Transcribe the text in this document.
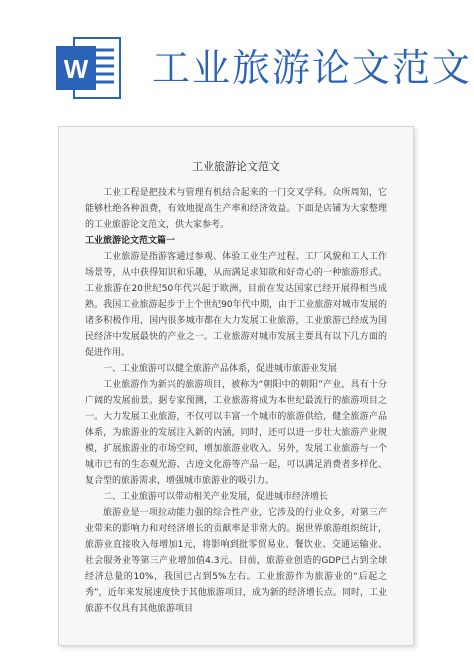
W 工业旅游论文范文
工业旅游论文范文

工业工程是把技术与管理有机结合起来的一门交叉学科。众所周知，它能够杜绝各种浪费，有效地提高生产率和经济效益。下面是店铺为大家整理的工业旅游论文范文，供大家参考。

工业旅游论文范文篇一

工业旅游是指游客通过参观、体验工业生产过程、工厂风貌和工人工作场景等，从中获得知识和乐趣，从而满足求知欲和好奇心的一种旅游形式。工业旅游在20世纪50年代兴起于欧洲，目前在发达国家已经开展得相当成熟。我国工业旅游起步于上个世纪90年代中期，由于工业旅游对城市发展的诸多积极作用，国内很多城市都在大力发展工业旅游，工业旅游已经成为国民经济中发展最快的产业之一。工业旅游对城市发展主要具有以下几方面的促进作用。

一、工业旅游可以健全旅游产品体系，促进城市旅游业发展

工业旅游作为新兴的旅游项目，被称为“朝阳中的朝阳”产业，具有十分广阔的发展前景。据专家预测，工业旅游将成为本世纪最流行的旅游项目之一。大力发展工业旅游，不仅可以丰富一个城市的旅游供给，健全旅游产品体系，为旅游业的发展注入新的内涵，同时，还可以进一步壮大旅游产业规模，扩展旅游业的市场空间，增加旅游业收入。另外，发展工业旅游与一个城市已有的生态观光游、古迹文化游等产品一起，可以满足消费者多样化、复合型的旅游需求，增强城市旅游业的吸引力。

二、工业旅游可以带动相关产业发展，促进城市经济增长

旅游业是一项拉动能力强的综合性产业，它涉及的行业众多，对第三产业带来的影响力和对经济增长的贡献率是非常大的。据世界旅游组织统计，旅游业直接收入每增加1元，将影响到批零贸易业、餐饮业、交通运输业、社会服务业等第三产业增加值4.3元。目前，旅游业创造的GDP已占到全球经济总量的10%，我国已占到5%左右。工业旅游作为旅游业的“后起之秀”，近年来发展速度快于其他旅游项目，成为新的经济增长点。同时，工业旅游不仅具有其他旅游项目
